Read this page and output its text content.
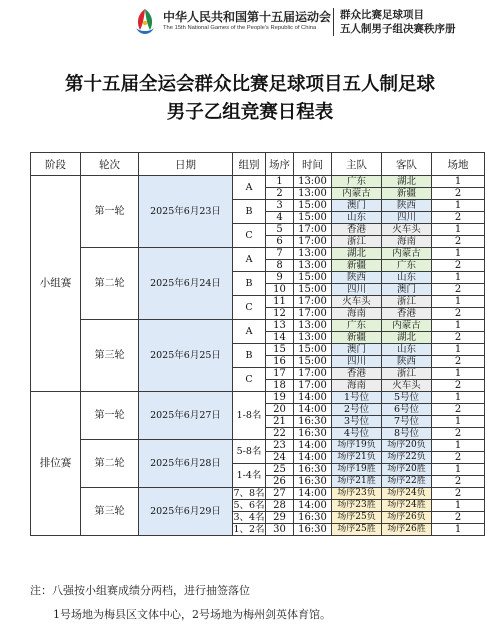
中华人民共和国第十五届运动会
The 15th National Games of the People's Republic of China
群众比赛足球项目
五人制男子组决赛秩序册
第十五届全运会群众比赛足球项目五人制足球
男子乙组竞赛日程表
阶段	轮次	日期	组别	场序	时间	主队	客队	场地
小组赛	第一轮	2025年6月23日	A	1	13:00	广东	湖北	1
				2	13:00	内蒙古	新疆	2
			B	3	15:00	澳门	陕西	1
				4	15:00	山东	四川	2
			C	5	17:00	香港	火车头	1
				6	17:00	浙江	海南	2
	第二轮	2025年6月24日	A	7	13:00	湖北	内蒙古	1
				8	13:00	新疆	广东	2
			B	9	15:00	陕西	山东	1
				10	15:00	四川	澳门	2
			C	11	17:00	火车头	浙江	1
				12	17:00	海南	香港	2
	第三轮	2025年6月25日	A	13	13:00	广东	内蒙古	1
				14	13:00	新疆	湖北	2
			B	15	15:00	澳门	山东	1
				16	15:00	四川	陕西	2
			C	17	17:00	香港	浙江	1
				18	17:00	海南	火车头	2
排位赛	第一轮	2025年6月27日	1-8名	19	14:00	1号位	5号位	1
				20	14:00	2号位	6号位	2
				21	16:30	3号位	7号位	1
				22	16:30	4号位	8号位	2
	第二轮	2025年6月28日	5-8名	23	14:00	场序19负	场序20负	1
				24	14:00	场序21负	场序22负	2
			1-4名	25	16:30	场序19胜	场序20胜	1
				26	16:30	场序21胜	场序22胜	2
	第三轮	2025年6月29日	7、8名	27	14:00	场序23负	场序24负	2
			5、6名	28	14:00	场序23胜	场序24胜	1
			3、4名	29	16:30	场序25负	场序26负	2
			1、2名	30	16:30	场序25胜	场序26胜	1
注：八强按小组赛成绩分两档，进行抽签落位
1号场地为梅县区文体中心，2号场地为梅州剑英体育馆。
